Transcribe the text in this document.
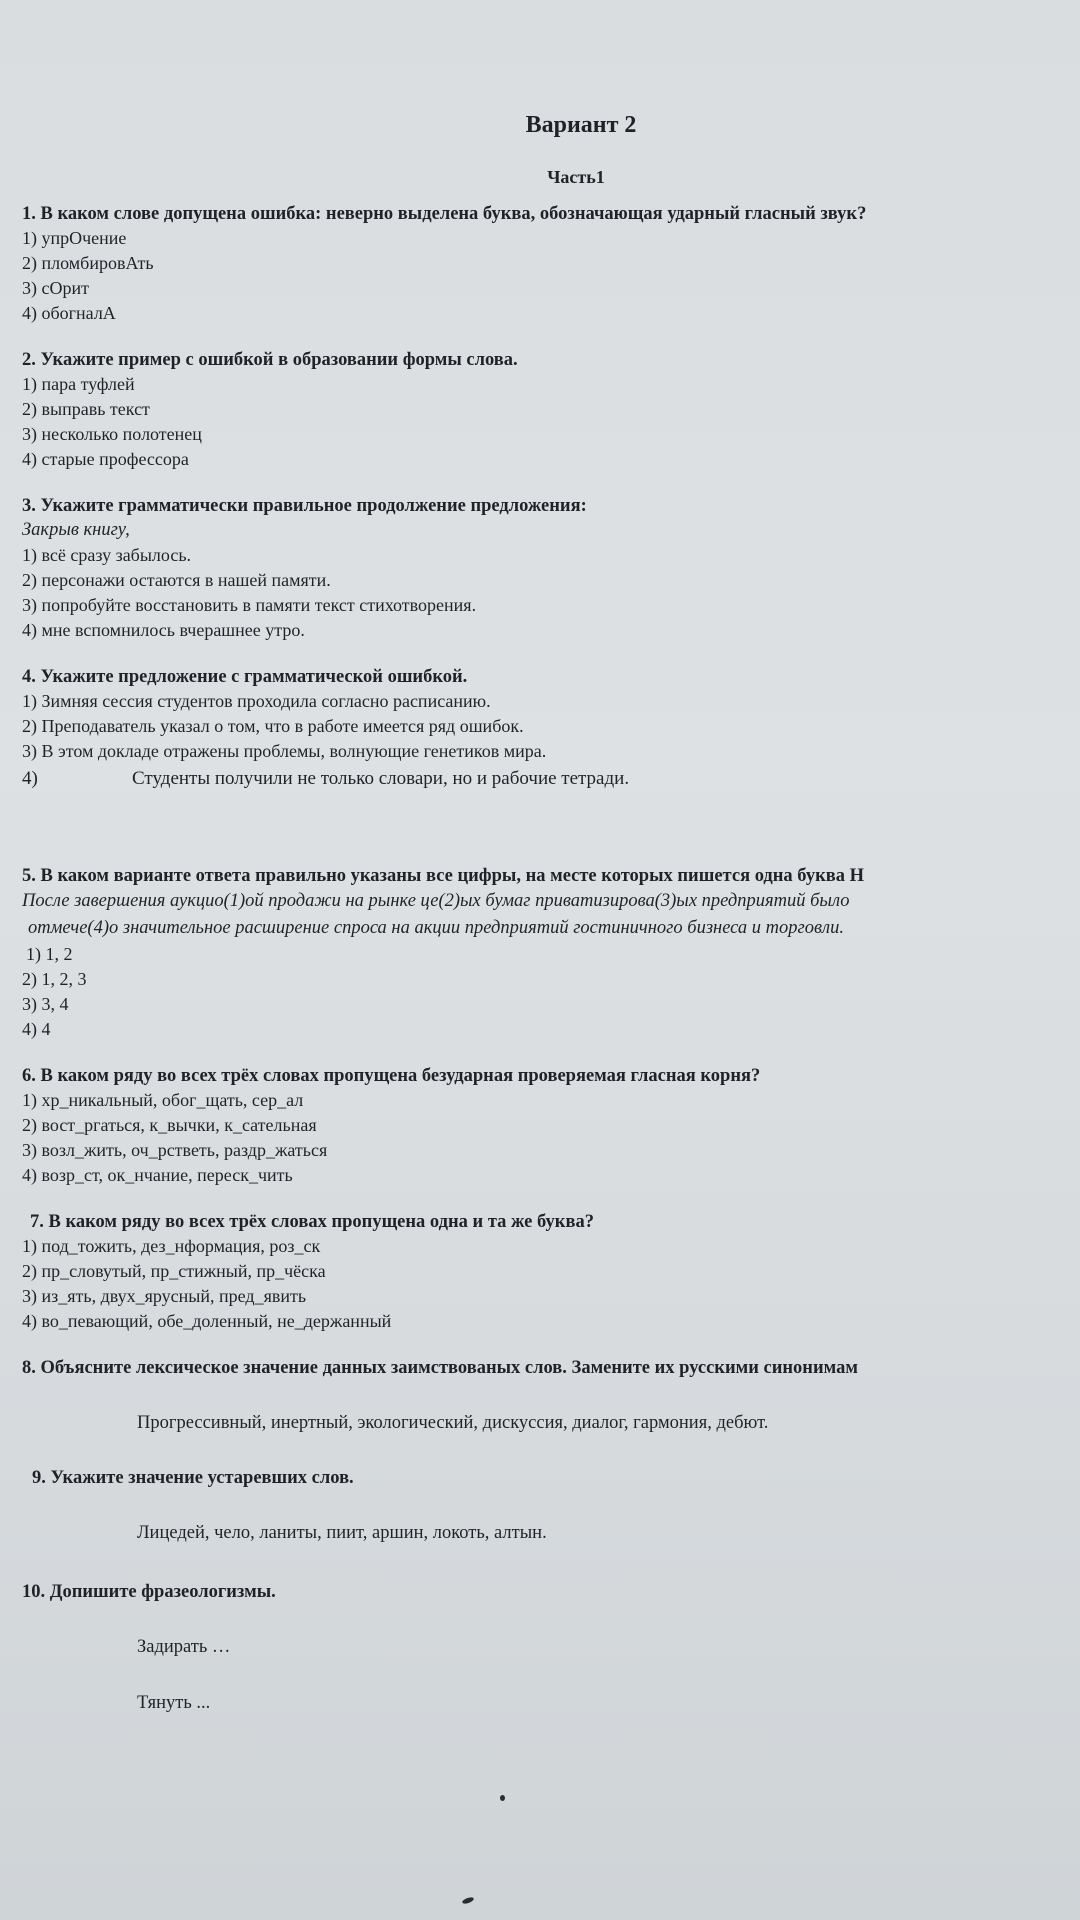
Вариант 2
Часть1
1. В каком слове допущена ошибка: неверно выделена буква, обозначающая ударный гласный звук?
1) упрОчение
2) пломбировАть
3) сОрит
4) обогналА
2. Укажите пример с ошибкой в образовании формы слова.
1) пара туфлей
2) выправь текст
3) несколько полотенец
4) старые профессора
3. Укажите грамматически правильное продолжение предложения:
Закрыв книгу,
1) всё сразу забылось.
2) персонажи остаются в нашей памяти.
3) попробуйте восстановить в памяти текст стихотворения.
4) мне вспомнилось вчерашнее утро.
4. Укажите предложение с грамматической ошибкой.
1) Зимняя сессия студентов проходила согласно расписанию.
2) Преподаватель указал о том, что в работе имеется ряд ошибок.
3) В этом докладе отражены проблемы, волнующие генетиков мира.
4)	Студенты получили не только словари, но и рабочие тетради.
5. В каком варианте ответа правильно указаны все цифры, на месте которых пишется одна буква Н
После завершения аукцио(1)ой продажи на рынке це(2)ых бумаг приватизирова(3)ых предприятий было
отмече(4)о значительное расширение спроса на акции предприятий гостиничного бизнеса и торговли.
1) 1, 2
2) 1, 2, 3
3) 3, 4
4) 4
6. В каком ряду во всех трёх словах пропущена безударная проверяемая гласная корня?
1) хр_никальный, обог_щать, сер_ал
2) вост_ргаться, к_вычки, к_сательная
3) возл_жить, оч_рстветь, раздр_жаться
4) возр_ст, ок_нчание, переск_чить
7. В каком ряду во всех трёх словах пропущена одна и та же буква?
1) под_тожить, дез_нформация, роз_ск
2) пр_словутый, пр_стижный, пр_чёска
3) из_ять, двух_ярусный, пред_явить
4) во_певающий, обе_доленный, не_держанный
8. Объясните лексическое значение данных заимствованых слов. Замените их русскими синонимам
Прогрессивный, инертный, экологический, дискуссия, диалог, гармония, дебют.
9. Укажите значение устаревших слов.
Лицедей, чело, ланиты, пиит, аршин, локоть, алтын.
10. Допишите фразеологизмы.
Задирать …
Тянуть ...
